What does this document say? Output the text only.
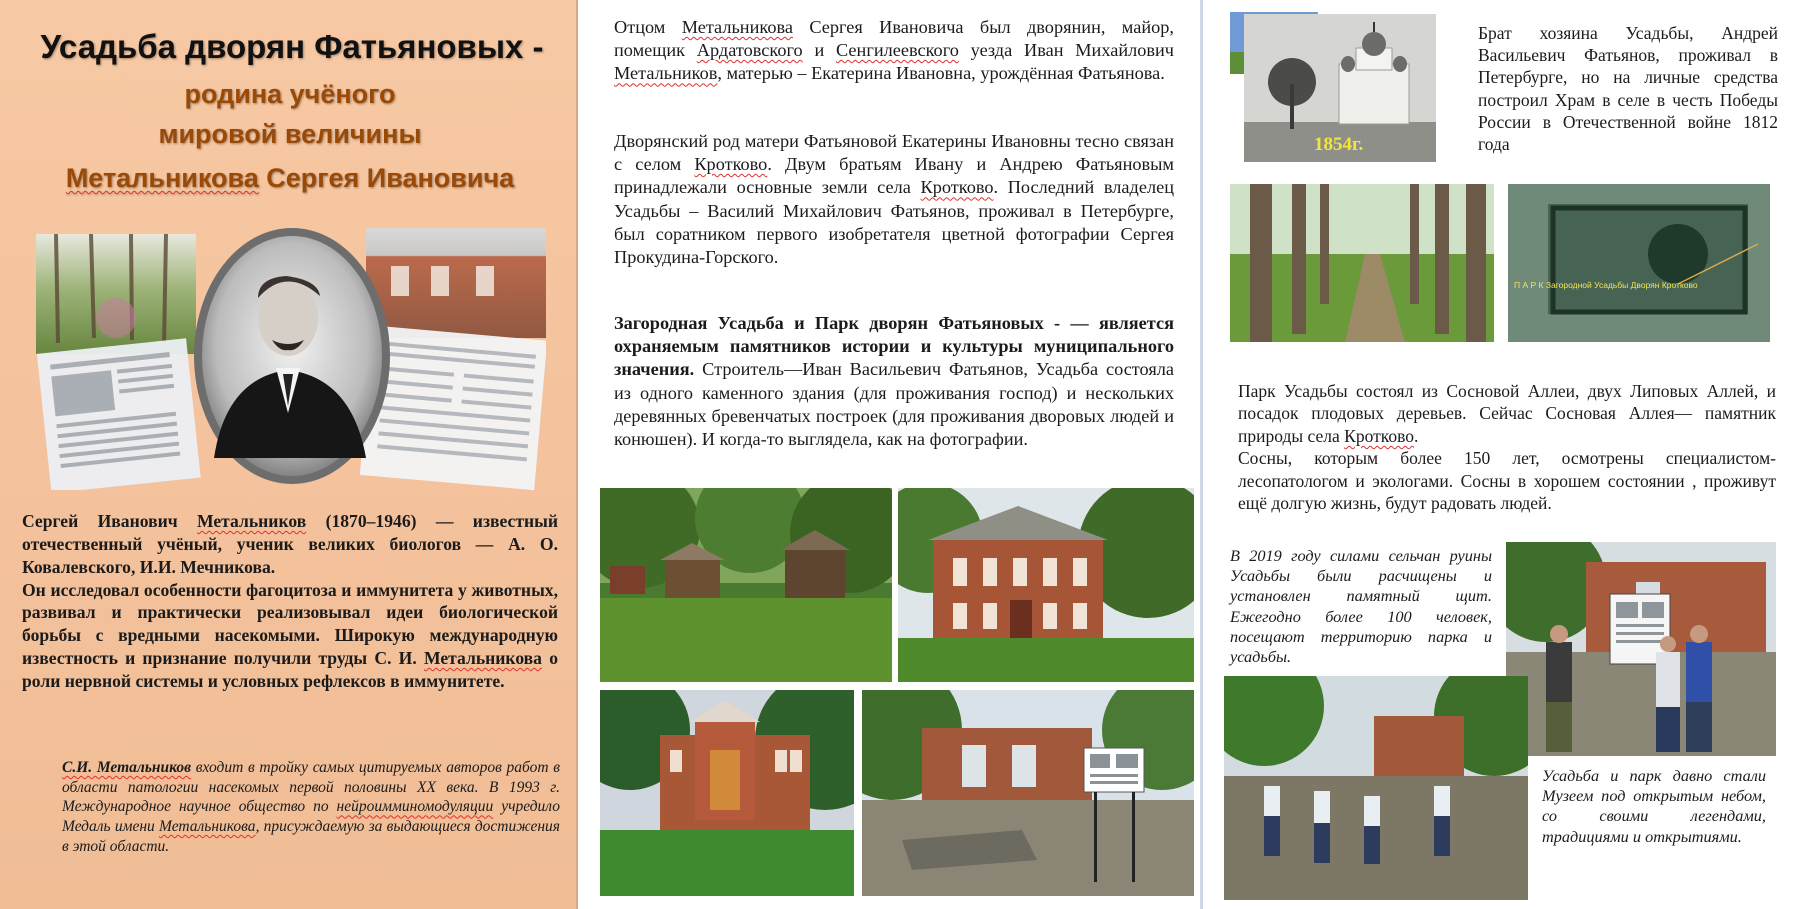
Усадьба дворян Фатьяновых -
родина учёного
мировой величины
Метальникова Сергея Ивановича
Сергей Иванович Метальников (1870–1946) — известный отечественный учёный, ученик великих биологов — А. О. Ковалевского, И.И. Мечникова.
Он исследовал особенности фагоцитоза и иммунитета у животных, развивал и практически реализовывал идеи биологической борьбы с вредными насекомыми. Широкую международную известность и признание получили труды С. И. Метальникова о роли нервной системы и условных рефлексов в иммунитете.
С.И. Метальников входит в тройку самых цитируемых авторов работ в области патологии насекомых первой половины XX века. В 1993 г. Международное научное общество по нейроимминомодуляции учредило Медаль имени Метальникова, присуждаемую за выдающиеся достижения в этой области.
Отцом Метальникова Сергея Ивановича был дворянин, майор, помещик Ардатовского и Сенгилеевского уезда Иван Михайлович Метальников, матерью – Екатерина Ивановна, урождённая Фатьянова.
Дворянский род матери Фатьяновой Екатерины Ивановны тесно связан с селом Кротково. Двум братьям Ивану и Андрею Фатьяновым принадлежали основные земли села Кротково. Последний владелец Усадьбы – Василий Михайлович Фатьянов, проживал в Петербурге, был соратником первого изобретателя цветной фотографии Сергея Прокудина-Горского.
Загородная Усадьба и Парк дворян Фатьяновых - — является охраняемым памятников истории и культуры муниципального значения. Строитель—Иван Васильевич Фатьянов, Усадьба состояла из одного каменного здания (для проживания господ) и нескольких деревянных бревенчатых построек (для проживания дворовых людей и конюшен). И когда-то выглядела, как на фотографии.
1854г.
Брат хозяина Усадьбы, Андрей Васильевич Фатьянов, проживал в Петербурге, но на личные средства построил Храм в селе в честь Победы России в Отечественной войне 1812 года
П А Р К Загородной Усадьбы Дворян Кротково
Парк Усадьбы состоял из Сосновой Аллеи, двух Липовых Аллей, и посадок плодовых деревьев. Сейчас Сосновая Аллея— памятник природы села Кротково.
Сосны, которым более 150 лет, осмотрены специалистом-лесопатологом и экологами. Сосны в хорошем состоянии , проживут ещё долгую жизнь, будут радовать людей.
В 2019 году силами сельчан руины Усадьбы были расчищены и установлен памятный щит. Ежегодно более 100 человек, посещают территорию парка и усадьбы.
Усадьба и парк давно стали Музеем под открытым небом, со своими легендами, традициями и открытиями.
